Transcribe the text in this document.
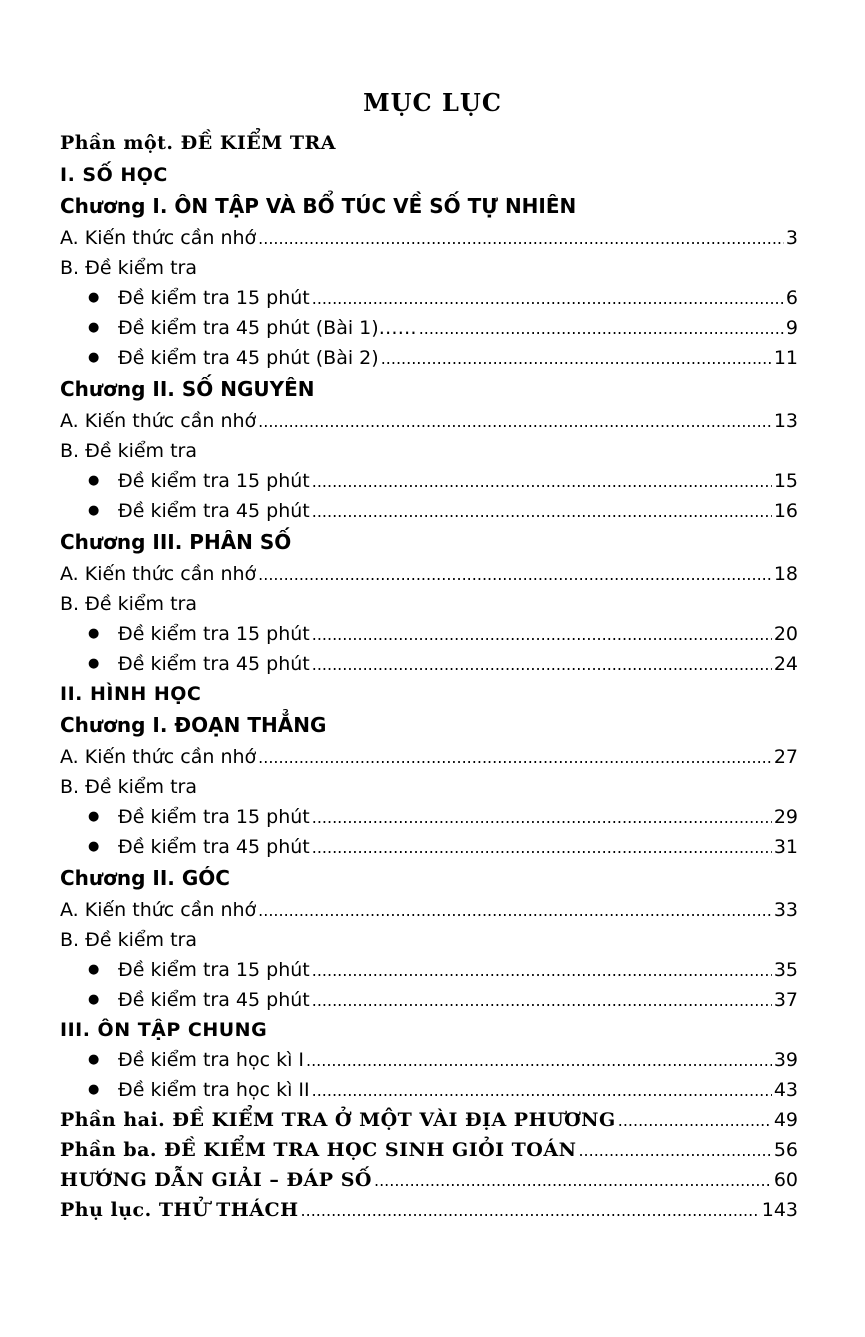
MỤC LỤC
Phần một. ĐỀ KIỂM TRA
I. SỐ HỌC
Chương I. ÔN TẬP VÀ BỔ TÚC VỀ SỐ TỰ NHIÊN
A. Kiến thức cần nhớ .....	3
B. Đề kiểm tra
● Đề kiểm tra 15 phút .....	6
● Đề kiểm tra 45 phút (Bài 1)…… .....	9
● Đề kiểm tra 45 phút (Bài 2) .....	11
Chương II. SỐ NGUYÊN
A. Kiến thức cần nhớ .....	13
B. Đề kiểm tra
● Đề kiểm tra 15 phút .....	15
● Đề kiểm tra 45 phút .....	16
Chương III. PHÂN SỐ
A. Kiến thức cần nhớ .....	18
B. Đề kiểm tra
● Đề kiểm tra 15 phút .....	20
● Đề kiểm tra 45 phút .....	24
II. HÌNH HỌC
Chương I. ĐOẠN THẲNG
A. Kiến thức cần nhớ .....	27
B. Đề kiểm tra
● Đề kiểm tra 15 phút .....	29
● Đề kiểm tra 45 phút .....	31
Chương II. GÓC
A. Kiến thức cần nhớ .....	33
B. Đề kiểm tra
● Đề kiểm tra 15 phút .....	35
● Đề kiểm tra 45 phút .....	37
III. ÔN TẬP CHUNG
● Đề kiểm tra học kì I .....	39
● Đề kiểm tra học kì II .....	43
Phần hai. ĐỀ KIỂM TRA Ở MỘT VÀI ĐỊA PHƯƠNG .....	49
Phần ba. ĐỀ KIỂM TRA HỌC SINH GIỎI TOÁN .....	56
HƯỚNG DẪN GIẢI – ĐÁP SỐ .....	60
Phụ lục. THỬ THÁCH .....	143
